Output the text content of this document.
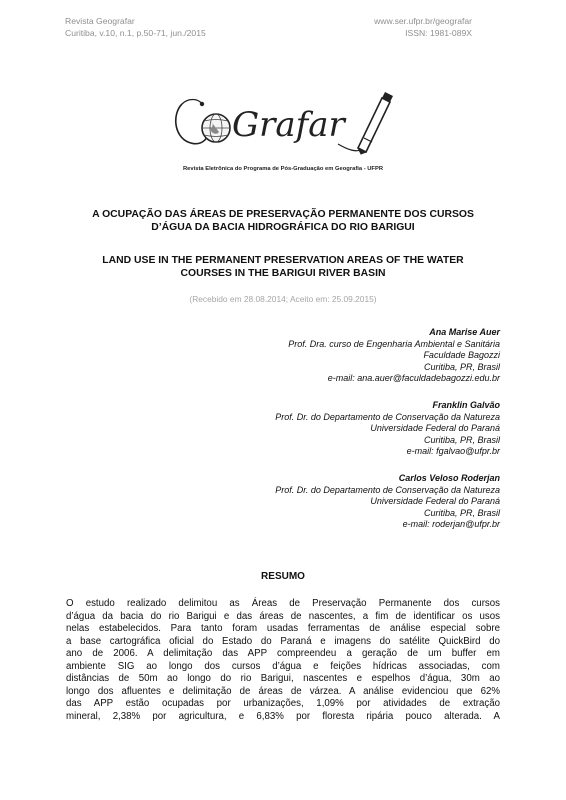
Revista Geografar
Curitiba, v.10, n.1, p.50-71, jun./2015
www.ser.ufpr.br/geografar
ISSN: 1981-089X
Grafar
Revista Eletrônica do Programa de Pós-Graduação em Geografia - UFPR
A OCUPAÇÃO DAS ÁREAS DE PRESERVAÇÃO PERMANENTE DOS CURSOS
D’ÁGUA DA BACIA HIDROGRÁFICA DO RIO BARIGUI
LAND USE IN THE PERMANENT PRESERVATION AREAS OF THE WATER
COURSES IN THE BARIGUI RIVER BASIN
(Recebido em 28.08.2014; Aceito em: 25.09.2015)
Ana Marise Auer
Prof. Dra. curso de Engenharia Ambiental e Sanitária
Faculdade Bagozzi
Curitiba, PR, Brasil
e-mail: ana.auer@faculdadebagozzi.edu.br
Franklin Galvão
Prof. Dr. do Departamento de Conservação da Natureza
Universidade Federal do Paraná
Curitiba, PR, Brasil
e-mail: fgalvao@ufpr.br
Carlos Veloso Roderjan
Prof. Dr. do Departamento de Conservação da Natureza
Universidade Federal do Paraná
Curitiba, PR, Brasil
e-mail: roderjan@ufpr.br
RESUMO
O estudo realizado delimitou as Áreas de Preservação Permanente dos cursos
d’água da bacia do rio Barigui e das áreas de nascentes, a fim de identificar os usos
nelas estabelecidos. Para tanto foram usadas ferramentas de análise especial sobre
a base cartográfica oficial do Estado do Paraná e imagens do satélite QuickBird do
ano de 2006. A delimitação das APP compreendeu a geração de um buffer em
ambiente SIG ao longo dos cursos d’água e feições hídricas associadas, com
distâncias de 50m ao longo do rio Barigui, nascentes e espelhos d’água, 30m ao
longo dos afluentes e delimitação de áreas de várzea. A análise evidenciou que 62%
das APP estão ocupadas por urbanizações, 1,09% por atividades de extração
mineral, 2,38% por agricultura, e 6,83% por floresta ripária pouco alterada. A
